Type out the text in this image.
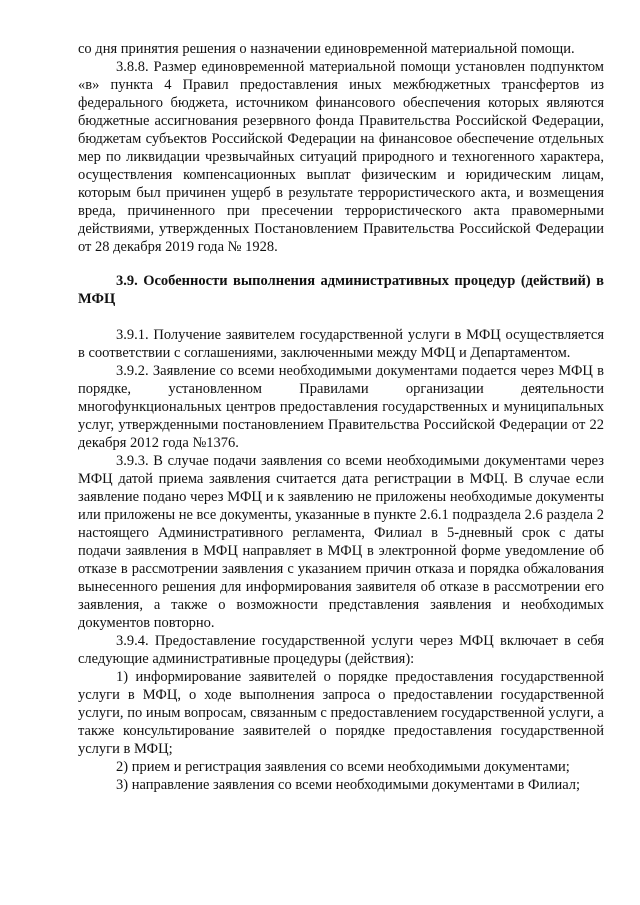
со дня принятия решения о назначении единовременной материальной помощи.

3.8.8. Размер единовременной материальной помощи установлен подпунктом «в» пункта 4 Правил предоставления иных межбюджетных трансфертов из федерального бюджета, источником финансового обеспечения которых являются бюджетные ассигнования резервного фонда Правительства Российской Федерации, бюджетам субъектов Российской Федерации на финансовое обеспечение отдельных мер по ликвидации чрезвычайных ситуаций природного и техногенного характера, осуществления компенсационных выплат физическим и юридическим лицам, которым был причинен ущерб в результате террористического акта, и возмещения вреда, причиненного при пресечении террористического акта правомерными действиями, утвержденных Постановлением Правительства Российской Федерации от 28 декабря 2019 года № 1928.

3.9. Особенности выполнения административных процедур (действий) в МФЦ

3.9.1. Получение заявителем государственной услуги в МФЦ осуществляется в соответствии с соглашениями, заключенными между МФЦ и Департаментом.

3.9.2. Заявление со всеми необходимыми документами подается через МФЦ в порядке, установленном Правилами организации деятельности многофункциональных центров предоставления государственных и муниципальных услуг, утвержденными постановлением Правительства Российской Федерации от 22 декабря 2012 года №1376.

3.9.3. В случае подачи заявления со всеми необходимыми документами через МФЦ датой приема заявления считается дата регистрации в МФЦ. В случае если заявление подано через МФЦ и к заявлению не приложены необходимые документы или приложены не все документы, указанные в пункте 2.6.1 подраздела 2.6 раздела 2 настоящего Административного регламента, Филиал в 5-дневный срок с даты подачи заявления в МФЦ направляет в МФЦ в электронной форме уведомление об отказе в рассмотрении заявления с указанием причин отказа и порядка обжалования вынесенного решения для информирования заявителя об отказе в рассмотрении его заявления, а также о возможности представления заявления и необходимых документов повторно.

3.9.4. Предоставление государственной услуги через МФЦ включает в себя следующие административные процедуры (действия):

1) информирование заявителей о порядке предоставления государственной услуги в МФЦ, о ходе выполнения запроса о предоставлении государственной услуги, по иным вопросам, связанным с предоставлением государственной услуги, а также консультирование заявителей о порядке предоставления государственной услуги в МФЦ;

2) прием и регистрация заявления со всеми необходимыми документами;

3) направление заявления со всеми необходимыми документами в Филиал;
